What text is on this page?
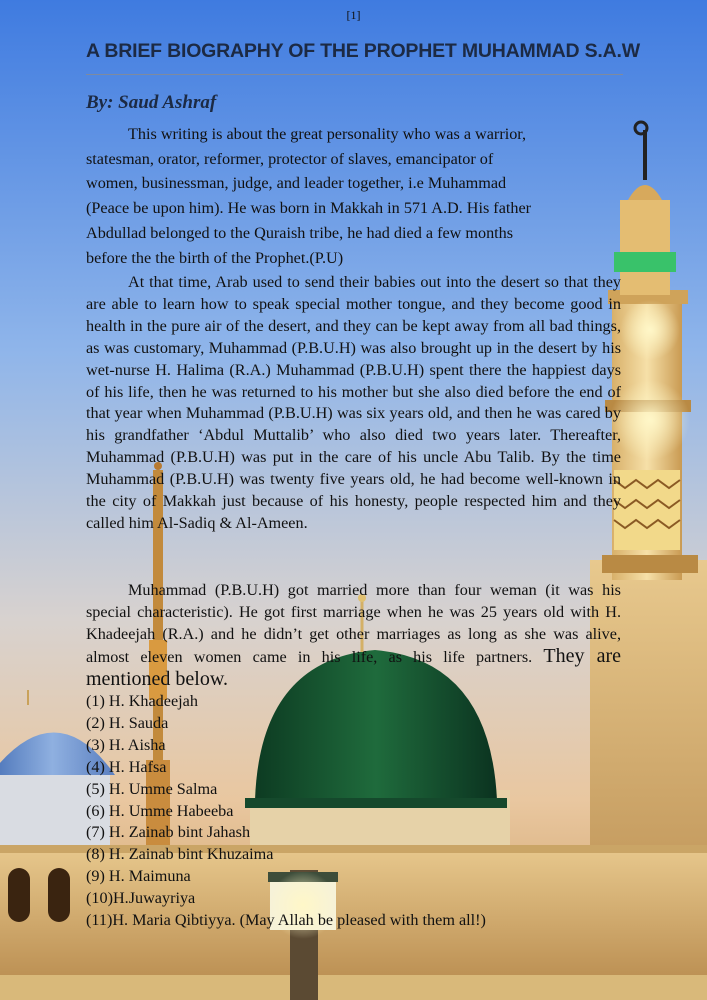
[1]
A BRIEF BIOGRAPHY OF THE PROPHET MUHAMMAD S.A.W
By: Saud Ashraf
This writing is about the great personality who was a warrior,
statesman, orator, reformer, protector of slaves, emancipator of
women, businessman, judge, and leader together, i.e Muhammad
(Peace be upon him). He was born in Makkah in 571 A.D. His father
Abdullad belonged to the Quraish tribe, he had died a few months
before the the birth of the Prophet.(P.U)
At that time, Arab used to send their babies out into the desert so that they are able to learn how to speak special mother tongue, and they become good in health in the pure air of the desert, and they can be kept away from all bad things, as was customary, Muhammad (P.B.U.H) was also brought up in the desert by his wet-nurse H. Halima (R.A.) Muhammad (P.B.U.H) spent there the happiest days of his life, then he was returned to his mother but she also died before the end of that year when Muhammad (P.B.U.H) was six years old, and then he was cared by his grandfather ‘Abdul Muttalib’ who also died two years later. Thereafter, Muhammad (P.B.U.H) was put in the care of his uncle Abu Talib. By the time Muhammad (P.B.U.H) was twenty five years old, he had become well-known in the city of Makkah just because of his honesty, people respected him and they called him Al-Sadiq & Al-Ameen.
Muhammad (P.B.U.H) got married more than four weman (it was his special characteristic). He got first marriage when he was 25 years old with H. Khadeejah (R.A.) and he didn’t get other marriages as long as she was alive, almost eleven women came in his life, as his life partners. They are mentioned below.
(1) H. Khadeejah
(2) H. Sauda
(3) H. Aisha
(4) H. Hafsa
(5) H. Umme Salma
(6) H. Umme Habeeba
(7) H. Zainab bint Jahash
(8) H. Zainab bint Khuzaima
(9) H. Maimuna
(10)H.Juwayriya
(11)H. Maria Qibtiyya. (May Allah be pleased with them all!)
